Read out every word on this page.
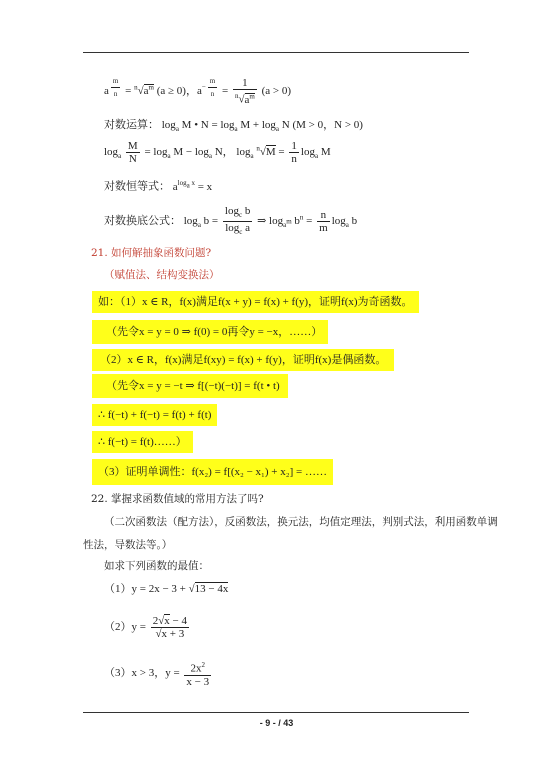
a $^{\frac{m}{n}} = ^n√a^m$ (a ≥ 0)，$a^{- \frac{m}{n}} = \frac{1}{^n√a^m} (a > 0)$
对数运算： $\log_a M$ • $N = \log_a M + \log_a N$ (M > 0，N > 0)
$\log_a \frac{M}{N} = \log_a M - \log_a N$， $\log_a ^n√M = \frac{1}{n} \log_a M$
对数恒等式： $a^{log_a x} = x$
对数换底公式： $\log_a b = \frac{\log_c b}{\log_c a}$ ⇒ $\log_{a^m} b^n = \frac{n}{m} \log_a b$
21. 如何解抽象函数问题?
（赋值法、结构变换法）
如：（1）x ∈ R，f(x)满足f(x + y) = f(x) + f(y)，证明f(x)为奇函数。
（先令x = y = 0 ⇒ f(0) = 0再令y = −x，……）
（2）x ∈ R，f(x)满足f(xy) = f(x) + f(y)，证明f(x)是偶函数。
（先令x = y = −t ⇒ f[(−t)(−t)] = f(t • t)
∴ f(−t) + f(−t) = f(t) + f(t)
∴ f(−t) = f(t)……）
（3）证明单调性：f(x₂) = f[(x₂ − x₁) + x₂] = ……
22. 掌握求函数值域的常用方法了吗?
（二次函数法（配方法），反函数法，换元法，均值定理法，判别式法，利用函数单调
性法，导数法等。）
如求下列函数的最值：
（1）y = 2x − 3 + √13 − 4x
$(2)y = \frac{2√x - 4}{√x + 3}$
（3）x > 3，$y = \frac{2x^2}{x - 3}$
- 9 - / 43
